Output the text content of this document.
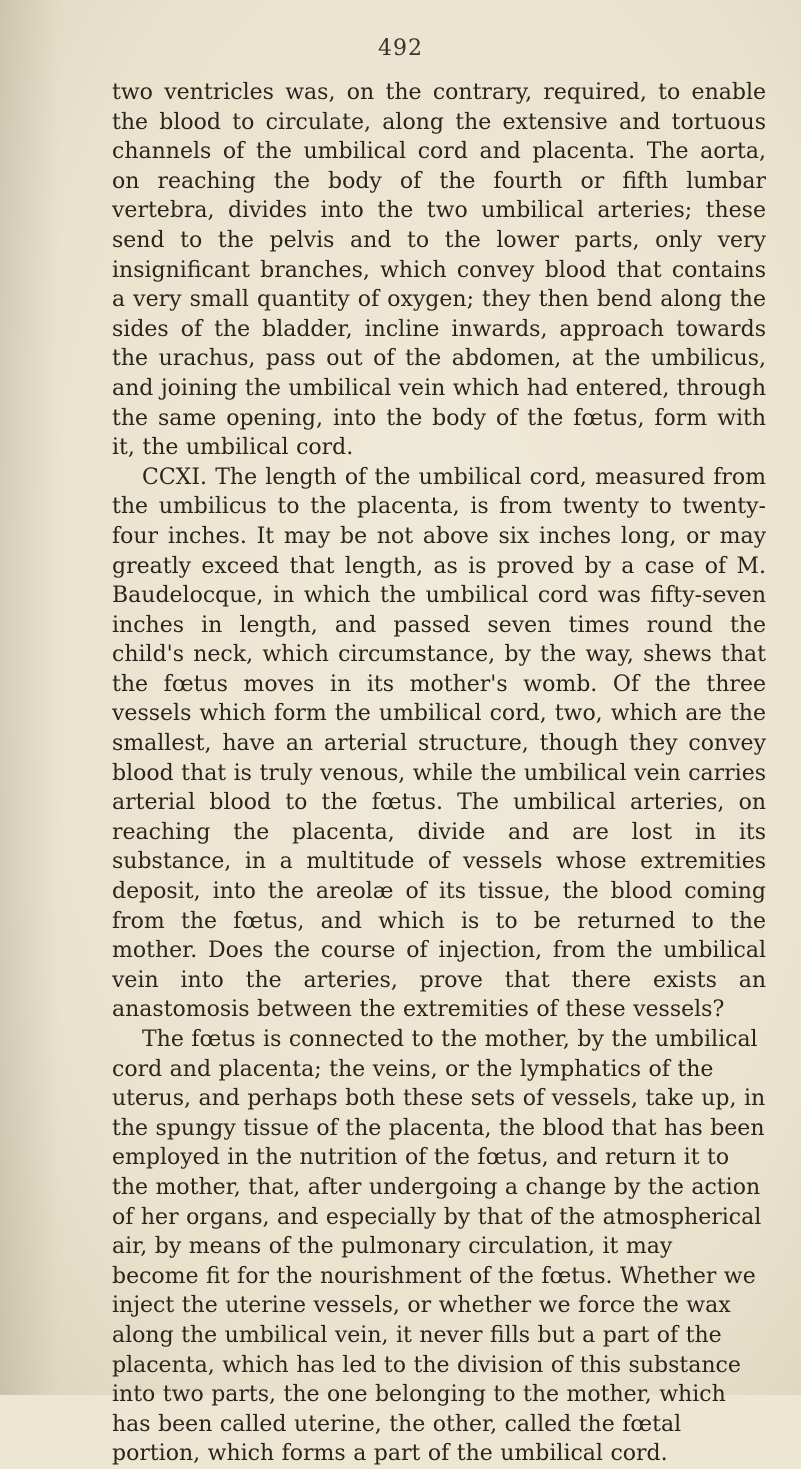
492

two ventricles was, on the contrary, required, to enable the blood to circulate, along the extensive and tortuous channels of the umbilical cord and placenta. The aorta, on reaching the body of the fourth or fifth lumbar vertebra, divides into the two umbilical arteries; these send to the pelvis and to the lower parts, only very insignificant branches, which convey blood that contains a very small quantity of oxygen; they then bend along the sides of the bladder, incline inwards, approach towards the urachus, pass out of the abdomen, at the umbilicus, and joining the umbilical vein which had entered, through the same opening, into the body of the fœtus, form with it, the umbilical cord.

CCXI. The length of the umbilical cord, measured from the umbilicus to the placenta, is from twenty to twenty-four inches. It may be not above six inches long, or may greatly exceed that length, as is proved by a case of M. Baudelocque, in which the umbilical cord was fifty-seven inches in length, and passed seven times round the child's neck, which circumstance, by the way, shews that the fœtus moves in its mother's womb. Of the three vessels which form the umbilical cord, two, which are the smallest, have an arterial structure, though they convey blood that is truly venous, while the umbilical vein carries arterial blood to the fœtus. The umbilical arteries, on reaching the placenta, divide and are lost in its substance, in a multitude of vessels whose extremities deposit, into the areolæ of its tissue, the blood coming from the fœtus, and which is to be returned to the mother. Does the course of injection, from the umbilical vein into the arteries, prove that there exists an anastomosis between the extremities of these vessels?

The fœtus is connected to the mother, by the umbilical cord and placenta; the veins, or the lymphatics of the uterus, and perhaps both these sets of vessels, take up, in the spungy tissue of the placenta, the blood that has been employed in the nutrition of the fœtus, and return it to the mother, that, after undergoing a change by the action of her organs, and especially by that of the atmospherical air, by means of the pulmonary circulation, it may become fit for the nourishment of the fœtus. Whether we inject the uterine vessels, or whether we force the wax along the umbilical vein, it never fills but a part of the placenta, which has led to the division of this substance into two parts, the one belonging to the mother, which has been called uterine, the other, called the fœtal portion, which forms a part of the umbilical cord.
